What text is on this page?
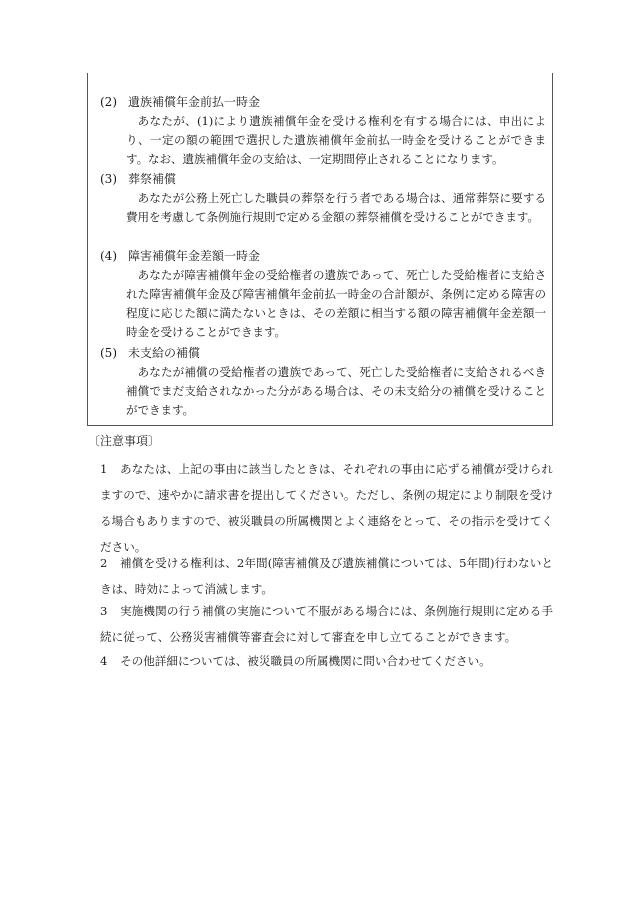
(2) 遺族補償年金前払一時金
あなたが、(1)により遺族補償年金を受ける権利を有する場合には、申出により、一定の額の範囲で選択した遺族補償年金前払一時金を受けることができます。なお、遺族補償年金の支給は、一定期間停止されることになります。
(3) 葬祭補償
あなたが公務上死亡した職員の葬祭を行う者である場合は、通常葬祭に要する費用を考慮して条例施行規則で定める金額の葬祭補償を受けることができます。
(4) 障害補償年金差額一時金
あなたが障害補償年金の受給権者の遺族であって、死亡した受給権者に支給された障害補償年金及び障害補償年金前払一時金の合計額が、条例に定める障害の程度に応じた額に満たないときは、その差額に相当する額の障害補償年金差額一時金を受けることができます。
(5) 未支給の補償
あなたが補償の受給権者の遺族であって、死亡した受給権者に支給されるべき補償でまだ支給されなかった分がある場合は、その未支給分の補償を受けることができます。
〔注意事項〕
1	あなたは、上記の事由に該当したときは、それぞれの事由に応ずる補償が受けられますので、速やかに請求書を提出してください。ただし、条例の規定により制限を受ける場合もありますので、被災職員の所属機関とよく連絡をとって、その指示を受けてください。
2	補償を受ける権利は、2年間(障害補償及び遺族補償については、5年間)行わないときは、時効によって消滅します。
3	実施機関の行う補償の実施について不服がある場合には、条例施行規則に定める手続に従って、公務災害補償等審査会に対して審査を申し立てることができます。
4	その他詳細については、被災職員の所属機関に問い合わせてください。
